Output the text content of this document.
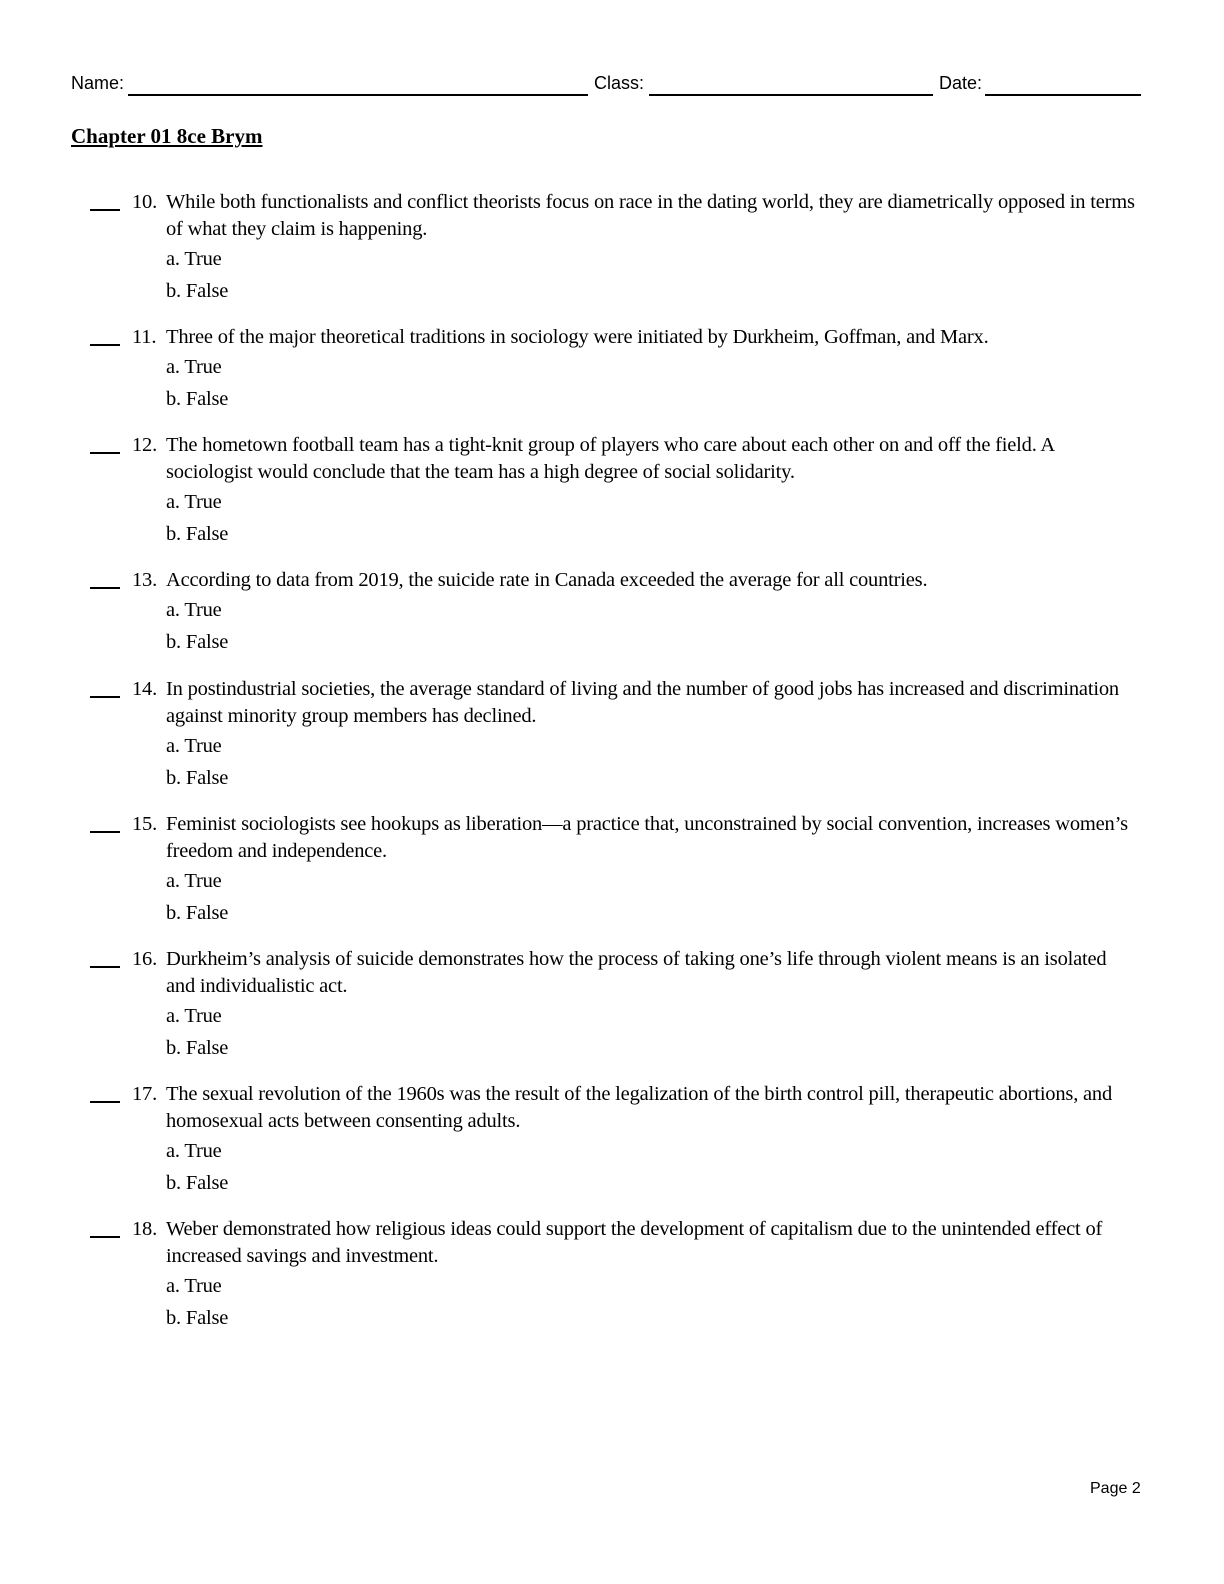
Name:	Class:	Date:
Chapter 01 8ce Brym
10. While both functionalists and conflict theorists focus on race in the dating world, they are diametrically opposed in terms of what they claim is happening.
a. True
b. False
11. Three of the major theoretical traditions in sociology were initiated by Durkheim, Goffman, and Marx.
a. True
b. False
12. The hometown football team has a tight-knit group of players who care about each other on and off the field. A sociologist would conclude that the team has a high degree of social solidarity.
a. True
b. False
13. According to data from 2019, the suicide rate in Canada exceeded the average for all countries.
a. True
b. False
14. In postindustrial societies, the average standard of living and the number of good jobs has increased and discrimination against minority group members has declined.
a. True
b. False
15. Feminist sociologists see hookups as liberation—a practice that, unconstrained by social convention, increases women’s freedom and independence.
a. True
b. False
16. Durkheim’s analysis of suicide demonstrates how the process of taking one’s life through violent means is an isolated and individualistic act.
a. True
b. False
17. The sexual revolution of the 1960s was the result of the legalization of the birth control pill, therapeutic abortions, and homosexual acts between consenting adults.
a. True
b. False
18. Weber demonstrated how religious ideas could support the development of capitalism due to the unintended effect of increased savings and investment.
a. True
b. False
Page 2
